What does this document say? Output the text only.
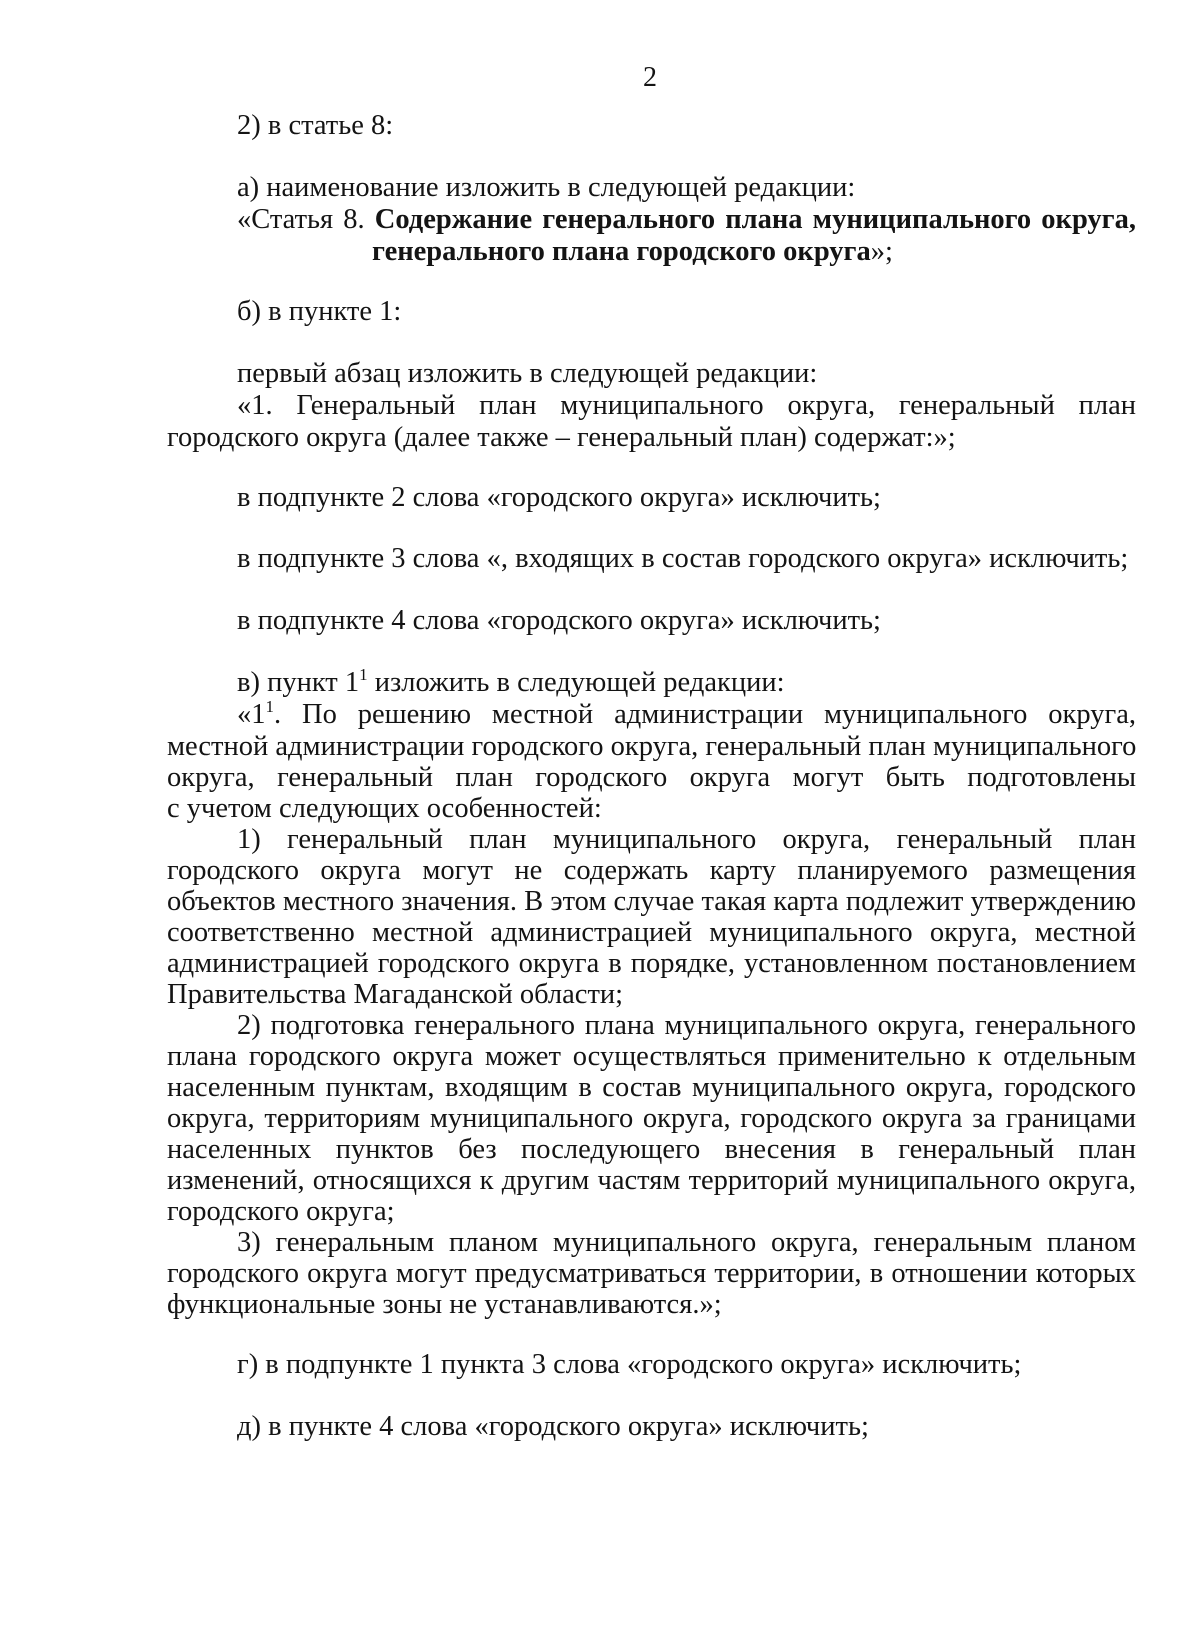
2
2) в статье 8:
а) наименование изложить в следующей редакции:
«Статья 8. Содержание генерального плана муниципального округа,
генерального плана городского округа»;
б) в пункте 1:
первый абзац изложить в следующей редакции:
«1. Генеральный план муниципального округа, генеральный план
городского округа (далее также – генеральный план) содержат:»;
в подпункте 2 слова «городского округа» исключить;
в подпункте 3 слова «, входящих в состав городского округа» исключить;
в подпункте 4 слова «городского округа» исключить;
в) пункт $1^1$ изложить в следующей редакции:
«$1^1$. По решению местной администрации муниципального округа,
местной администрации городского округа, генеральный план муниципального
округа, генеральный план городского округа могут быть подготовлены
с учетом следующих особенностей:
1) генеральный план муниципального округа, генеральный план
городского округа могут не содержать карту планируемого размещения
объектов местного значения. В этом случае такая карта подлежит утверждению
соответственно местной администрацией муниципального округа, местной
администрацией городского округа в порядке, установленном постановлением
Правительства Магаданской области;
2) подготовка генерального плана муниципального округа, генерального
плана городского округа может осуществляться применительно к отдельным
населенным пунктам, входящим в состав муниципального округа, городского
округа, территориям муниципального округа, городского округа за границами
населенных пунктов без последующего внесения в генеральный план
изменений, относящихся к другим частям территорий муниципального округа,
городского округа;
3) генеральным планом муниципального округа, генеральным планом
городского округа могут предусматриваться территории, в отношении которых
функциональные зоны не устанавливаются.»;
г) в подпункте 1 пункта 3 слова «городского округа» исключить;
д) в пункте 4 слова «городского округа» исключить;
